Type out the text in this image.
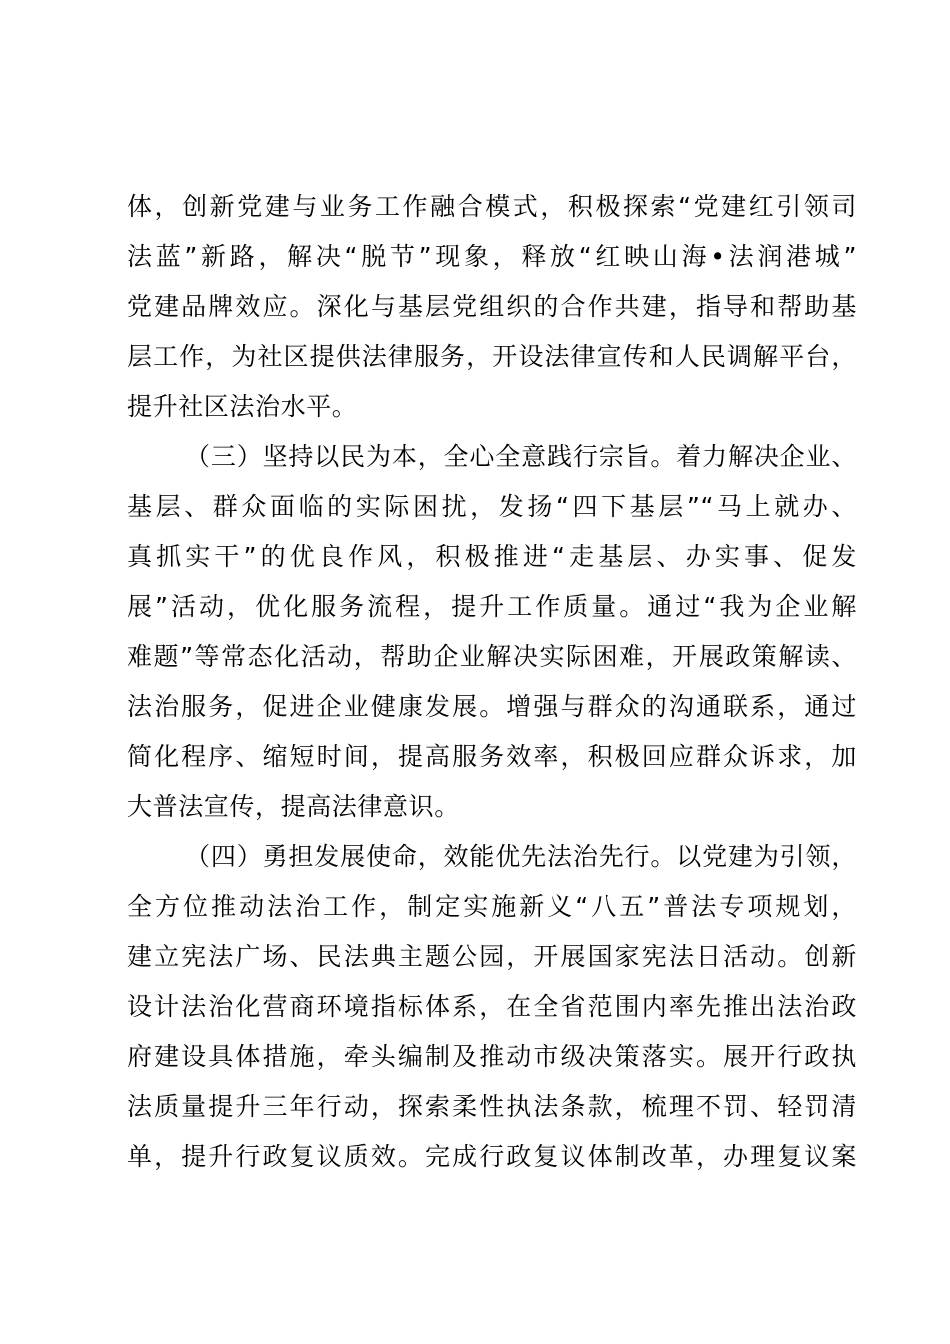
体，创新党建与业务工作融合模式，积极探索“党建红引领司
法蓝”新路，解决“脱节”现象，释放“红映山海•法润港城”
党建品牌效应。深化与基层党组织的合作共建，指导和帮助基
层工作，为社区提供法律服务，开设法律宣传和人民调解平台，
提升社区法治水平。
（三）坚持以民为本，全心全意践行宗旨。着力解决企业、
基层、群众面临的实际困扰，发扬“四下基层”“马上就办、
真抓实干”的优良作风，积极推进“走基层、办实事、促发
展”活动，优化服务流程，提升工作质量。通过“我为企业解
难题”等常态化活动，帮助企业解决实际困难，开展政策解读、
法治服务，促进企业健康发展。增强与群众的沟通联系，通过
简化程序、缩短时间，提高服务效率，积极回应群众诉求，加
大普法宣传，提高法律意识。
（四）勇担发展使命，效能优先法治先行。以党建为引领，
全方位推动法治工作，制定实施新义“八五”普法专项规划，
建立宪法广场、民法典主题公园，开展国家宪法日活动。创新
设计法治化营商环境指标体系，在全省范围内率先推出法治政
府建设具体措施，牵头编制及推动市级决策落实。展开行政执
法质量提升三年行动，探索柔性执法条款，梳理不罚、轻罚清
单，提升行政复议质效。完成行政复议体制改革，办理复议案
